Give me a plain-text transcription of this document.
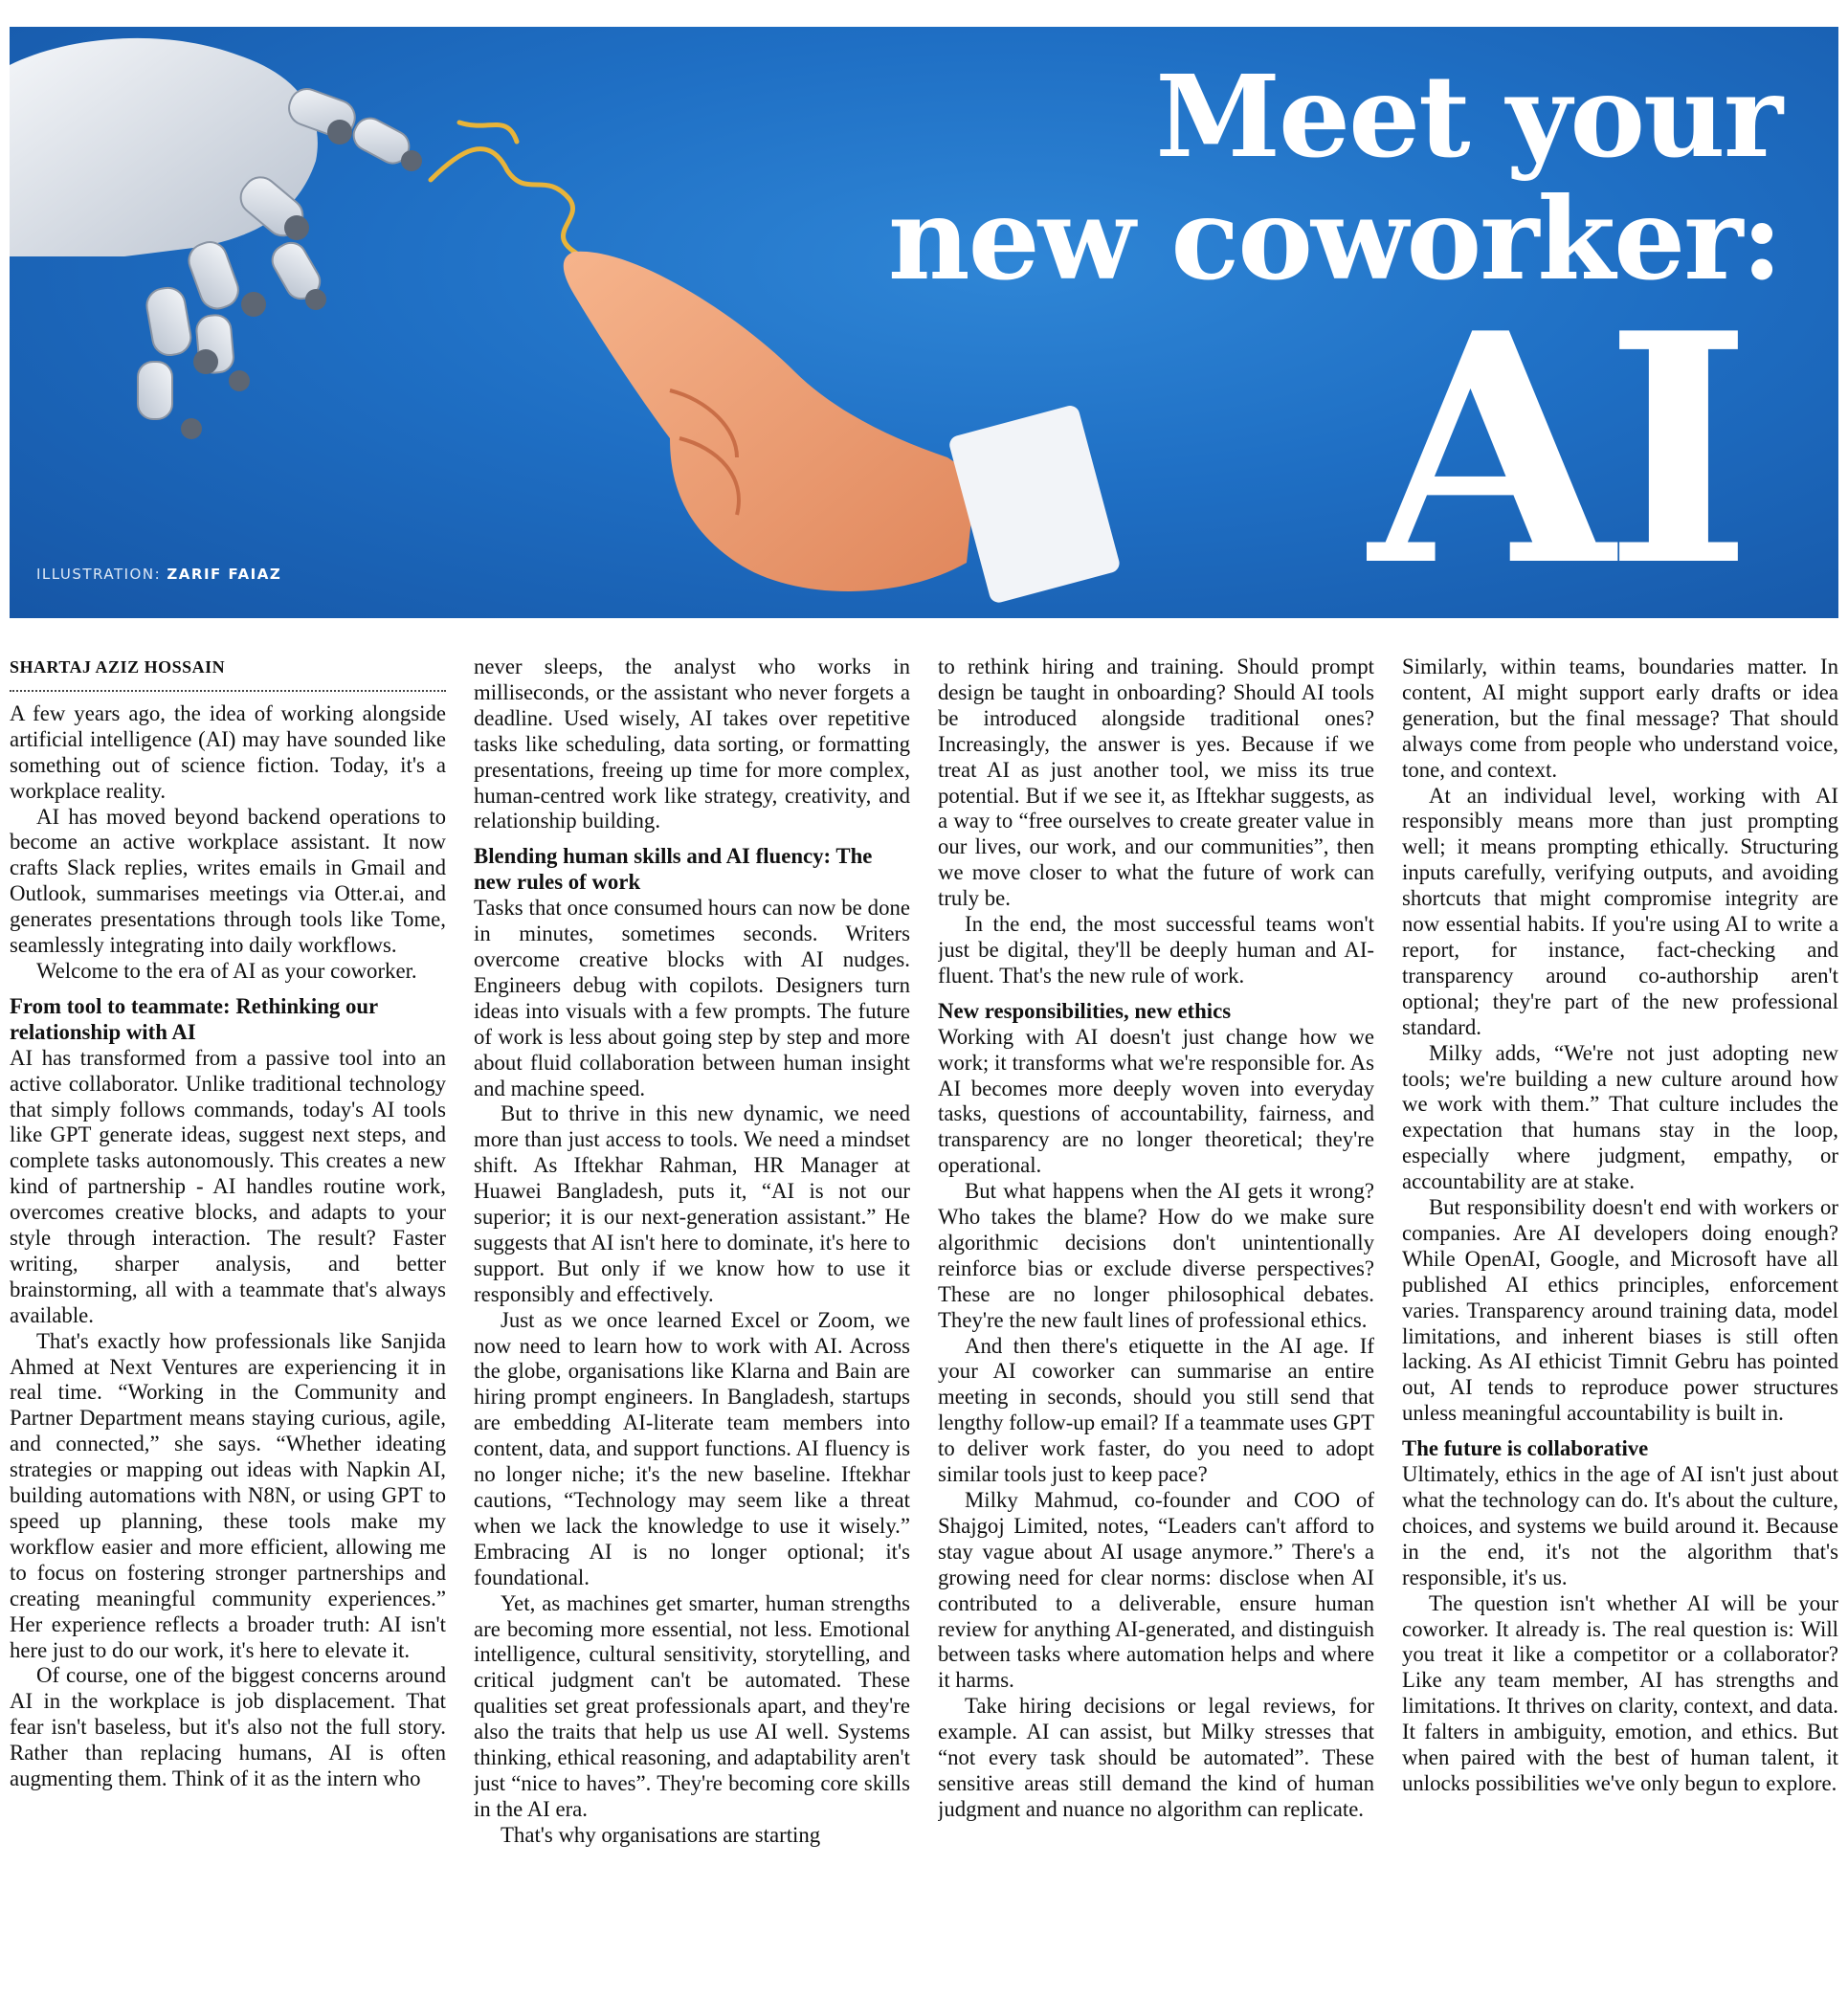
Meet your
new coworker:
AI
ILLUSTRATION: ZARIF FAIAZ
SHARTAJ AZIZ HOSSAIN

A few years ago, the idea of working alongside artificial intelligence (AI) may have sounded like something out of science fiction. Today, it's a workplace reality.

AI has moved beyond backend operations to become an active workplace assistant. It now crafts Slack replies, writes emails in Gmail and Outlook, summarises meetings via Otter.ai, and generates presentations through tools like Tome, seamlessly integrating into daily workflows.

Welcome to the era of AI as your coworker.

From tool to teammate: Rethinking our relationship with AI

AI has transformed from a passive tool into an active collaborator. Unlike traditional technology that simply follows commands, today's AI tools like GPT generate ideas, suggest next steps, and complete tasks autonomously. This creates a new kind of partnership - AI handles routine work, overcomes creative blocks, and adapts to your style through interaction. The result? Faster writing, sharper analysis, and better brainstorming, all with a teammate that's always available.

That's exactly how professionals like Sanjida Ahmed at Next Ventures are experiencing it in real time. “Working in the Community and Partner Department means staying curious, agile, and connected,” she says. “Whether ideating strategies or mapping out ideas with Napkin AI, building automations with N8N, or using GPT to speed up planning, these tools make my workflow easier and more efficient, allowing me to focus on fostering stronger partnerships and creating meaningful community experiences.” Her experience reflects a broader truth: AI isn't here just to do our work, it's here to elevate it.

Of course, one of the biggest concerns around AI in the workplace is job displacement. That fear isn't baseless, but it's also not the full story. Rather than replacing humans, AI is often augmenting them. Think of it as the intern who

never sleeps, the analyst who works in milliseconds, or the assistant who never forgets a deadline. Used wisely, AI takes over repetitive tasks like scheduling, data sorting, or formatting presentations, freeing up time for more complex, human-centred work like strategy, creativity, and relationship building.

Blending human skills and AI fluency: The new rules of work

Tasks that once consumed hours can now be done in minutes, sometimes seconds. Writers overcome creative blocks with AI nudges. Engineers debug with copilots. Designers turn ideas into visuals with a few prompts. The future of work is less about going step by step and more about fluid collaboration between human insight and machine speed.

But to thrive in this new dynamic, we need more than just access to tools. We need a mindset shift. As Iftekhar Rahman, HR Manager at Huawei Bangladesh, puts it, “AI is not our superior; it is our next-generation assistant.” He suggests that AI isn't here to dominate, it's here to support. But only if we know how to use it responsibly and effectively.

Just as we once learned Excel or Zoom, we now need to learn how to work with AI. Across the globe, organisations like Klarna and Bain are hiring prompt engineers. In Bangladesh, startups are embedding AI-literate team members into content, data, and support functions. AI fluency is no longer niche; it's the new baseline. Iftekhar cautions, “Technology may seem like a threat when we lack the knowledge to use it wisely.” Embracing AI is no longer optional; it's foundational.

Yet, as machines get smarter, human strengths are becoming more essential, not less. Emotional intelligence, cultural sensitivity, storytelling, and critical judgment can't be automated. These qualities set great professionals apart, and they're also the traits that help us use AI well. Systems thinking, ethical reasoning, and adaptability aren't just “nice to haves”. They're becoming core skills in the AI era.

That's why organisations are starting

to rethink hiring and training. Should prompt design be taught in onboarding? Should AI tools be introduced alongside traditional ones? Increasingly, the answer is yes. Because if we treat AI as just another tool, we miss its true potential. But if we see it, as Iftekhar suggests, as a way to “free ourselves to create greater value in our lives, our work, and our communities”, then we move closer to what the future of work can truly be.

In the end, the most successful teams won't just be digital, they'll be deeply human and AI-fluent. That's the new rule of work.

New responsibilities, new ethics

Working with AI doesn't just change how we work; it transforms what we're responsible for. As AI becomes more deeply woven into everyday tasks, questions of accountability, fairness, and transparency are no longer theoretical; they're operational.

But what happens when the AI gets it wrong? Who takes the blame? How do we make sure algorithmic decisions don't unintentionally reinforce bias or exclude diverse perspectives? These are no longer philosophical debates. They're the new fault lines of professional ethics.

And then there's etiquette in the AI age. If your AI coworker can summarise an entire meeting in seconds, should you still send that lengthy follow-up email? If a teammate uses GPT to deliver work faster, do you need to adopt similar tools just to keep pace?

Milky Mahmud, co-founder and COO of Shajgoj Limited, notes, “Leaders can't afford to stay vague about AI usage anymore.” There's a growing need for clear norms: disclose when AI contributed to a deliverable, ensure human review for anything AI-generated, and distinguish between tasks where automation helps and where it harms.

Take hiring decisions or legal reviews, for example. AI can assist, but Milky stresses that “not every task should be automated”. These sensitive areas still demand the kind of human judgment and nuance no algorithm can replicate.

Similarly, within teams, boundaries matter. In content, AI might support early drafts or idea generation, but the final message? That should always come from people who understand voice, tone, and context.

At an individual level, working with AI responsibly means more than just prompting well; it means prompting ethically. Structuring inputs carefully, verifying outputs, and avoiding shortcuts that might compromise integrity are now essential habits. If you're using AI to write a report, for instance, fact-checking and transparency around co-authorship aren't optional; they're part of the new professional standard.

Milky adds, “We're not just adopting new tools; we're building a new culture around how we work with them.” That culture includes the expectation that humans stay in the loop, especially where judgment, empathy, or accountability are at stake.

But responsibility doesn't end with workers or companies. Are AI developers doing enough? While OpenAI, Google, and Microsoft have all published AI ethics principles, enforcement varies. Transparency around training data, model limitations, and inherent biases is still often lacking. As AI ethicist Timnit Gebru has pointed out, AI tends to reproduce power structures unless meaningful accountability is built in.

The future is collaborative

Ultimately, ethics in the age of AI isn't just about what the technology can do. It's about the culture, choices, and systems we build around it. Because in the end, it's not the algorithm that's responsible, it's us.

The question isn't whether AI will be your coworker. It already is. The real question is: Will you treat it like a competitor or a collaborator? Like any team member, AI has strengths and limitations. It thrives on clarity, context, and data. It falters in ambiguity, emotion, and ethics. But when paired with the best of human talent, it unlocks possibilities we've only begun to explore.
